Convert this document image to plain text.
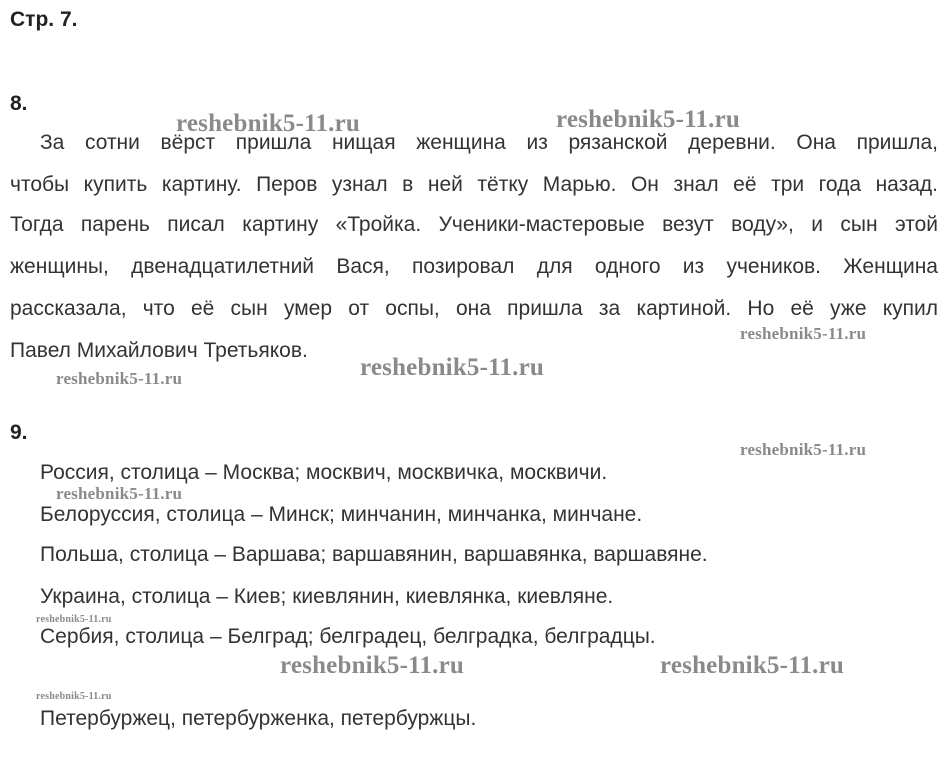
Стр. 7.
8.
За сотни вёрст пришла нищая женщина из рязанской деревни. Она пришла,
чтобы купить картину. Перов узнал в ней тётку Марью. Он знал её три года назад.
Тогда парень писал картину «Тройка. Ученики-мастеровые везут воду», и сын этой
женщины, двенадцатилетний Вася, позировал для одного из учеников. Женщина
рассказала, что её сын умер от оспы, она пришла за картиной. Но её уже купил
Павел Михайлович Третьяков.
9.
Россия, столица – Москва; москвич, москвичка, москвичи.
Белоруссия, столица – Минск; минчанин, минчанка, минчане.
Польша, столица – Варшава; варшавянин, варшавянка, варшавяне.
Украина, столица – Киев; киевлянин, киевлянка, киевляне.
Сербия, столица – Белград; белградец, белградка, белградцы.
Петербуржец, петербурженка, петербуржцы.
reshebnik5-11.ru	reshebnik5-11.ru
reshebnik5-11.ru
reshebnik5-11.ru
reshebnik5-11.ru
reshebnik5-11.ru
reshebnik5-11.ru
reshebnik5-11.ru
reshebnik5-11.ru	reshebnik5-11.ru
reshebnik5-11.ru
